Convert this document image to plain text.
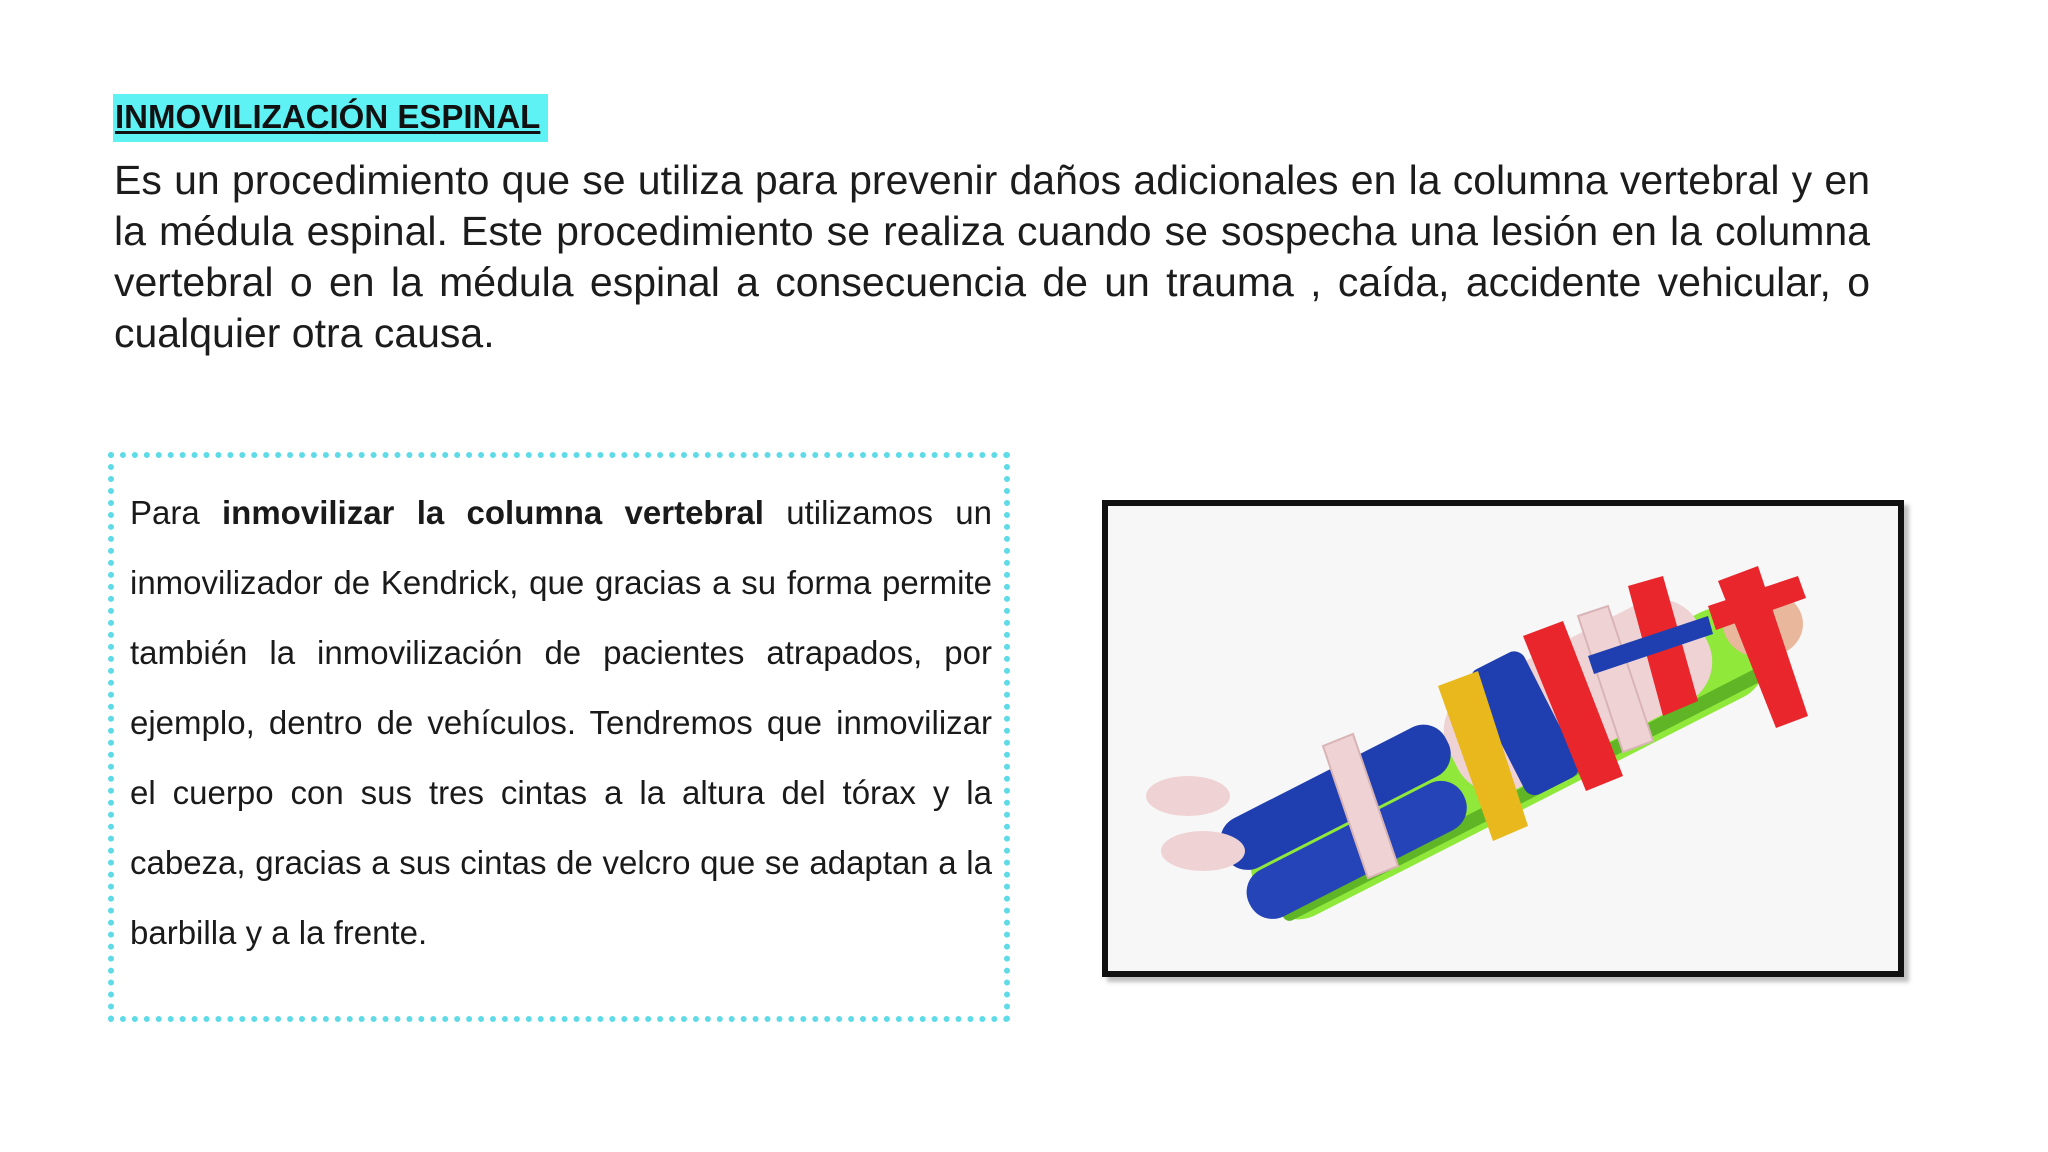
INMOVILIZACIÓN ESPINAL

Es un procedimiento que se utiliza para prevenir daños adicionales en la columna vertebral y en la médula espinal. Este procedimiento se realiza cuando se sospecha una lesión en la columna vertebral o en la médula espinal a consecuencia de un trauma , caída, accidente vehicular, o cualquier otra causa.

Para inmovilizar la columna vertebral utilizamos un inmovilizador de Kendrick, que gracias a su forma permite también la inmovilización de pacientes atrapados, por ejemplo, dentro de vehículos. Tendremos que inmovilizar el cuerpo con sus tres cintas a la altura del tórax y la cabeza, gracias a sus cintas de velcro que se adaptan a la barbilla y a la frente.
